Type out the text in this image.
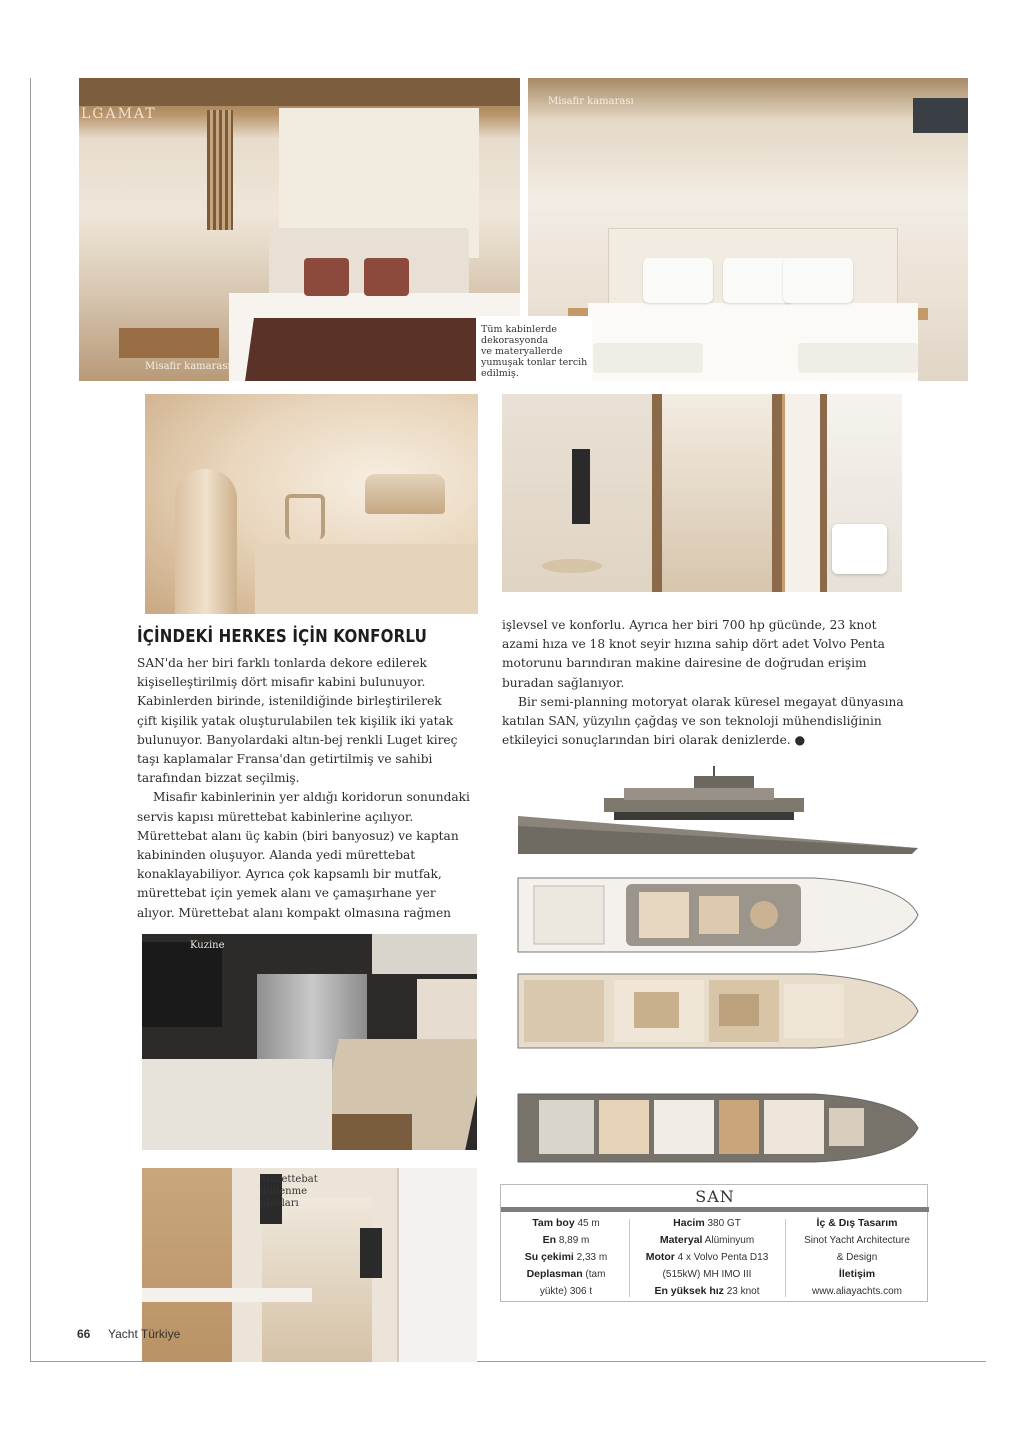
LGAMAT
Misafir kamarası
Misafir kamarası
Tüm kabinlerde
dekorasyonda
ve materyallerde
yumuşak tonlar tercih
edilmiş.
İÇİNDEKİ HERKES İÇİN KONFORLU

SAN'da her biri farklı tonlarda dekore edilerek

kişiselleştirilmiş dört misafir kabini bulunuyor.

Kabinlerden birinde, istenildiğinde birleştirilerek

çift kişilik yatak oluşturulabilen tek kişilik iki yatak

bulunuyor. Banyolardaki altın-bej renkli Luget kireç

taşı kaplamalar Fransa'dan getirtilmiş ve sahibi

tarafından bizzat seçilmiş.

Misafir kabinlerinin yer aldığı koridorun sonundaki

servis kapısı mürettebat kabinlerine açılıyor.

Mürettebat alanı üç kabin (biri banyosuz) ve kaptan

kabininden oluşuyor. Alanda yedi mürettebat

konaklayabiliyor. Ayrıca çok kapsamlı bir mutfak,

mürettebat için yemek alanı ve çamaşırhane yer

alıyor. Mürettebat alanı kompakt olmasına rağmen

işlevsel ve konforlu. Ayrıca her biri 700 hp gücünde, 23 knot

azami hıza ve 18 knot seyir hızına sahip dört adet Volvo Penta

motorunu barındıran makine dairesine de doğrudan erişim

buradan sağlanıyor.

Bir semi-planning motoryat olarak küresel megayat dünyasına

katılan SAN, yüzyılın çağdaş ve son teknoloji mühendisliğinin

etkileyici sonuçlarından biri olarak denizlerde. ●

Kuzine
Mürettebat dinlenme
alanları	SAN
Tam boy 45 m
En 8,89 m
Su çekimi 2,33 m
Deplasman (tam
yükte) 306 t
Hacim 380 GT
Materyal Alüminyum
Motor 4 x Volvo Penta D13
(515kW) MH IMO III
En yüksek hız 23 knot
İç & Dış Tasarım
Sinot Yacht Architecture
& Design
İletişim
www.aliayachts.com
66 Yacht Türkiye
